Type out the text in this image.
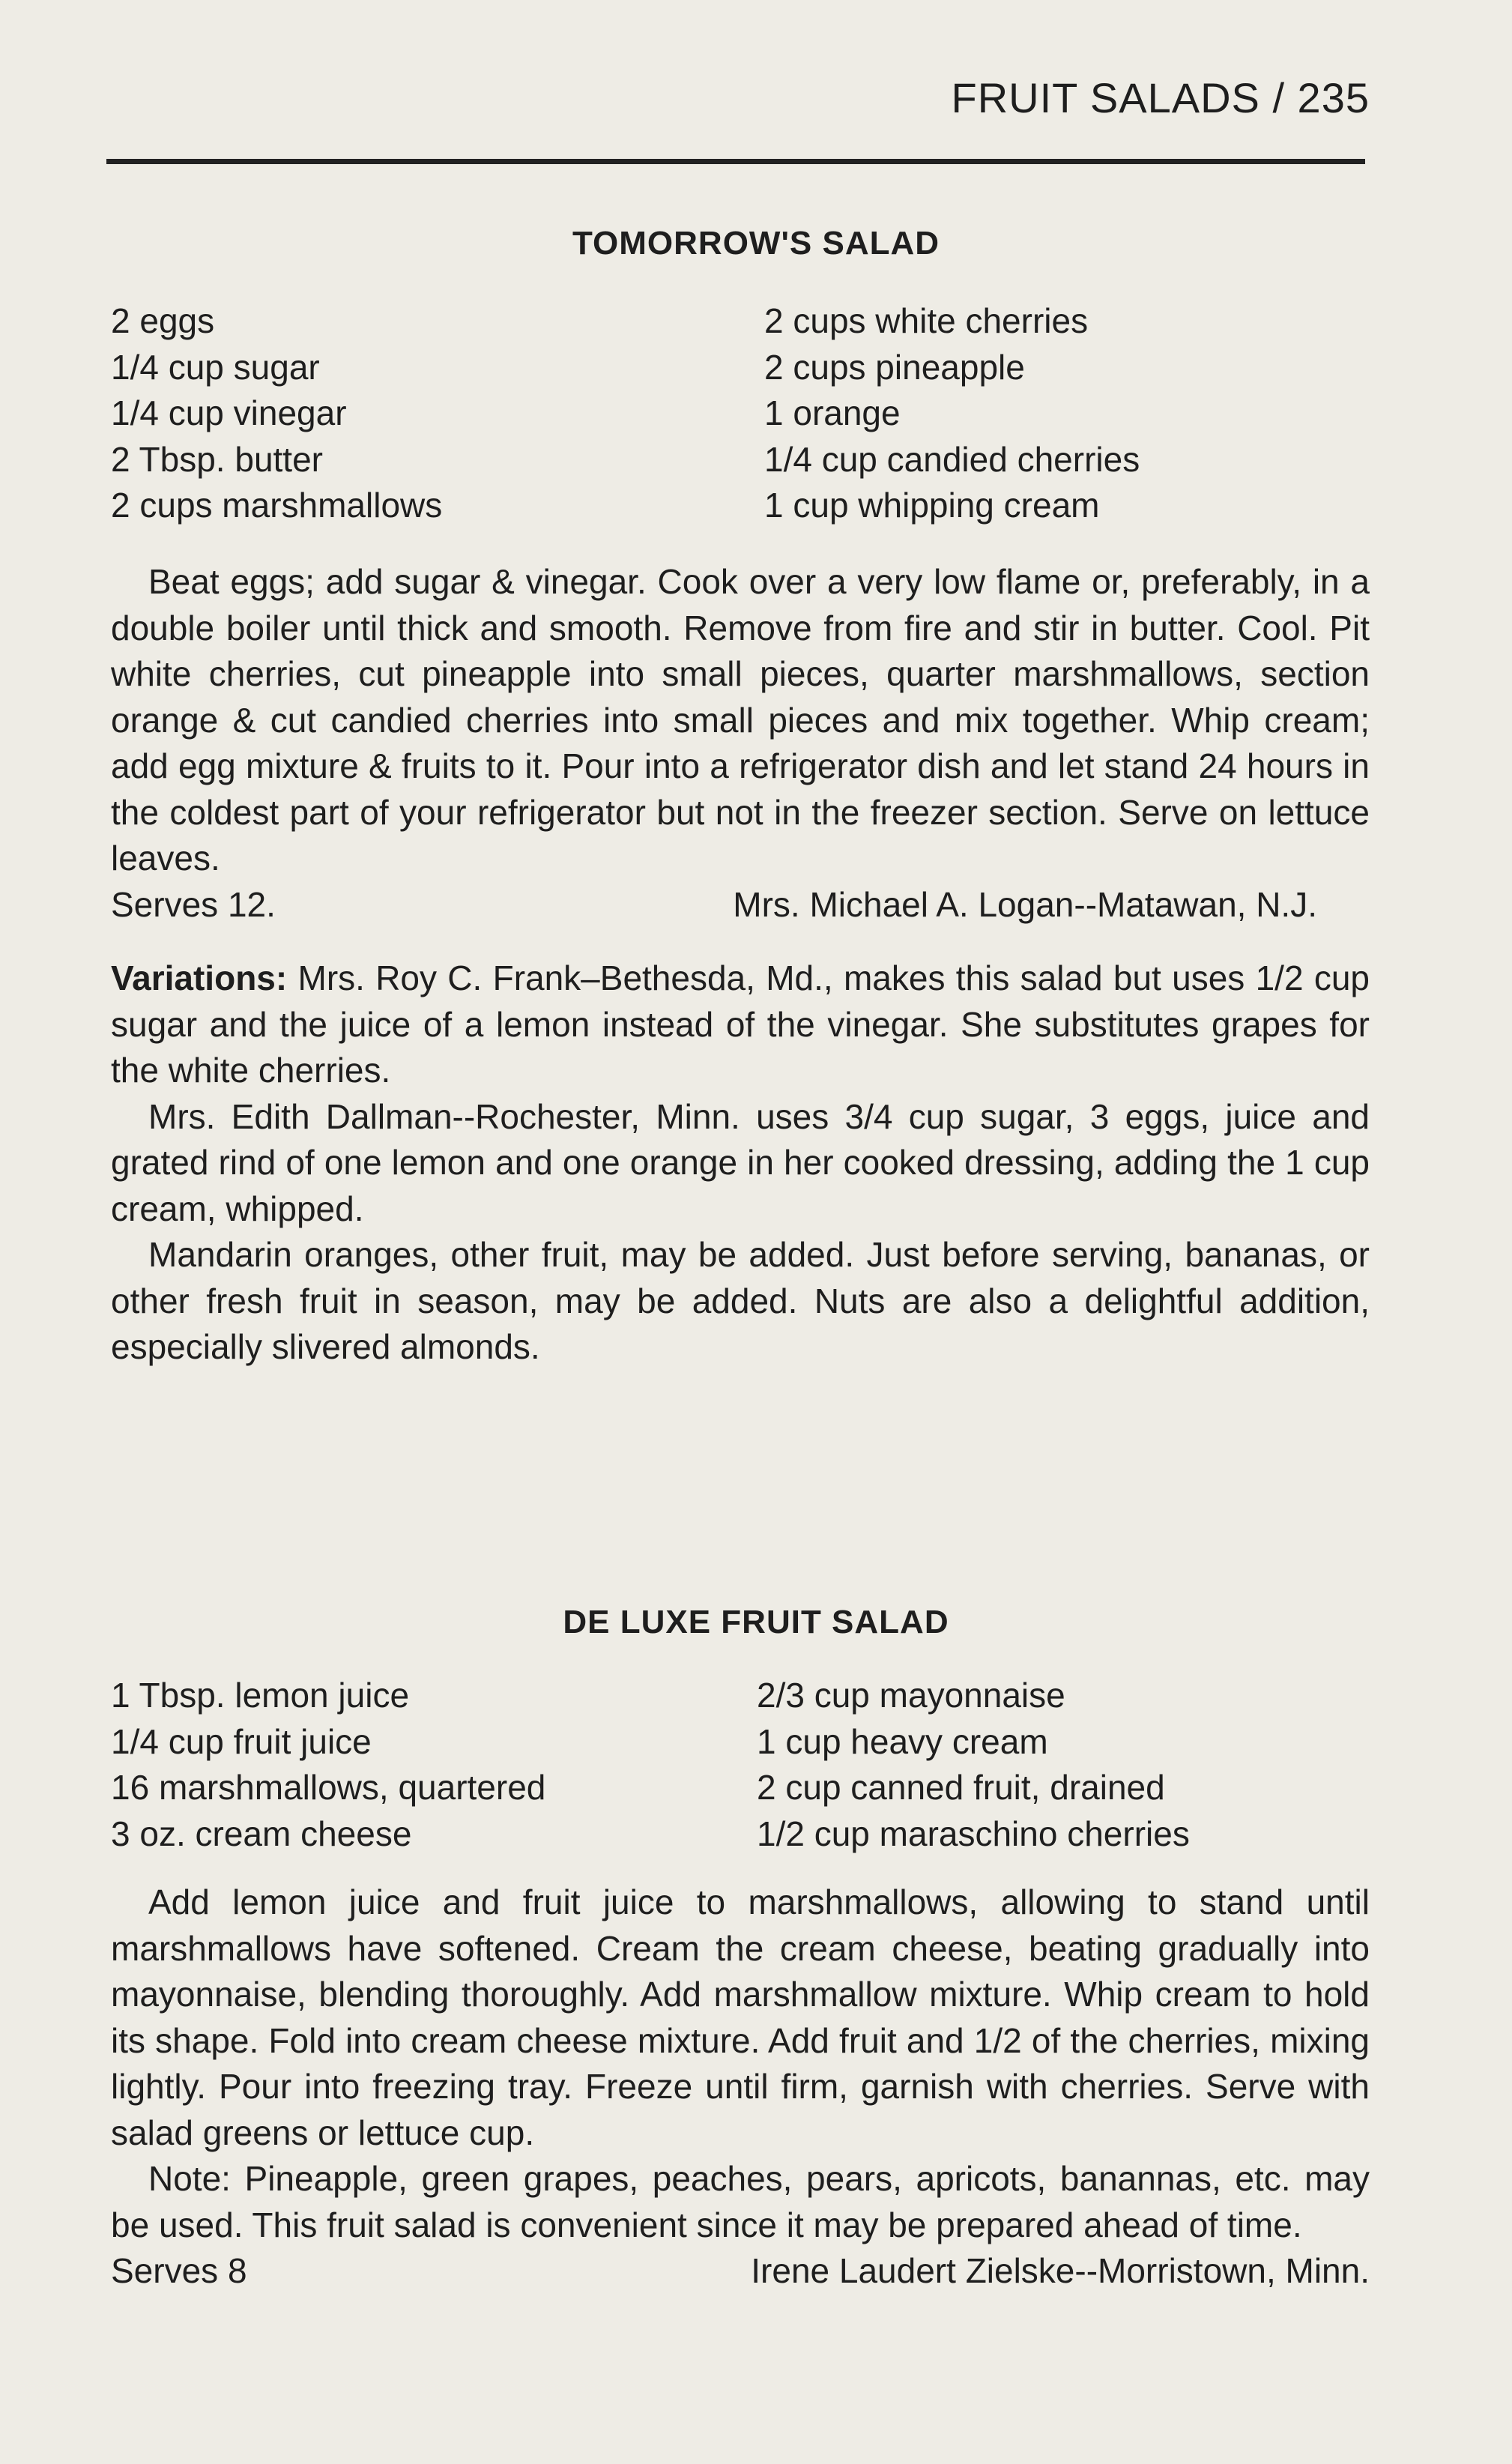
FRUIT SALADS / 235
TOMORROW'S SALAD
2 eggs
1/4 cup sugar
1/4 cup vinegar
2 Tbsp. butter
2 cups marshmallows
2 cups white cherries
2 cups pineapple
1 orange
1/4 cup candied cherries
1 cup whipping cream

Beat eggs; add sugar & vinegar. Cook over a very low flame or, preferably, in a double boiler until thick and smooth. Remove from fire and stir in butter. Cool. Pit white cherries, cut pineapple into small pieces, quarter marshmallows, section orange & cut candied cherries into small pieces and mix together. Whip cream; add egg mixture & fruits to it. Pour into a refrigerator dish and let stand 24 hours in the coldest part of your refrigerator but not in the freezer section. Serve on lettuce leaves.

Serves 12.	Mrs. Michael A. Logan--Matawan, N.J.

Variations: Mrs. Roy C. Frank–Bethesda, Md., makes this salad but uses 1/2 cup sugar and the juice of a lemon instead of the vinegar. She substitutes grapes for the white cherries.

Mrs. Edith Dallman--Rochester, Minn. uses 3/4 cup sugar, 3 eggs, juice and grated rind of one lemon and one orange in her cooked dressing, adding the 1 cup cream, whipped.

Mandarin oranges, other fruit, may be added. Just before serving, bananas, or other fresh fruit in season, may be added. Nuts are also a delightful addition, especially slivered almonds.

DE LUXE FRUIT SALAD
1 Tbsp. lemon juice
1/4 cup fruit juice
16 marshmallows, quartered
3 oz. cream cheese
2/3 cup mayonnaise
1 cup heavy cream
2 cup canned fruit, drained
1/2 cup maraschino cherries

Add lemon juice and fruit juice to marshmallows, allowing to stand until marshmallows have softened. Cream the cream cheese, beating gradually into mayonnaise, blending thoroughly. Add marshmallow mixture. Whip cream to hold its shape. Fold into cream cheese mixture. Add fruit and 1/2 of the cherries, mixing lightly. Pour into freezing tray. Freeze until firm, garnish with cherries. Serve with salad greens or lettuce cup.

Note: Pineapple, green grapes, peaches, pears, apricots, banannas, etc. may be used. This fruit salad is convenient since it may be prepared ahead of time.

Serves 8	Irene Laudert Zielske--Morristown, Minn.
